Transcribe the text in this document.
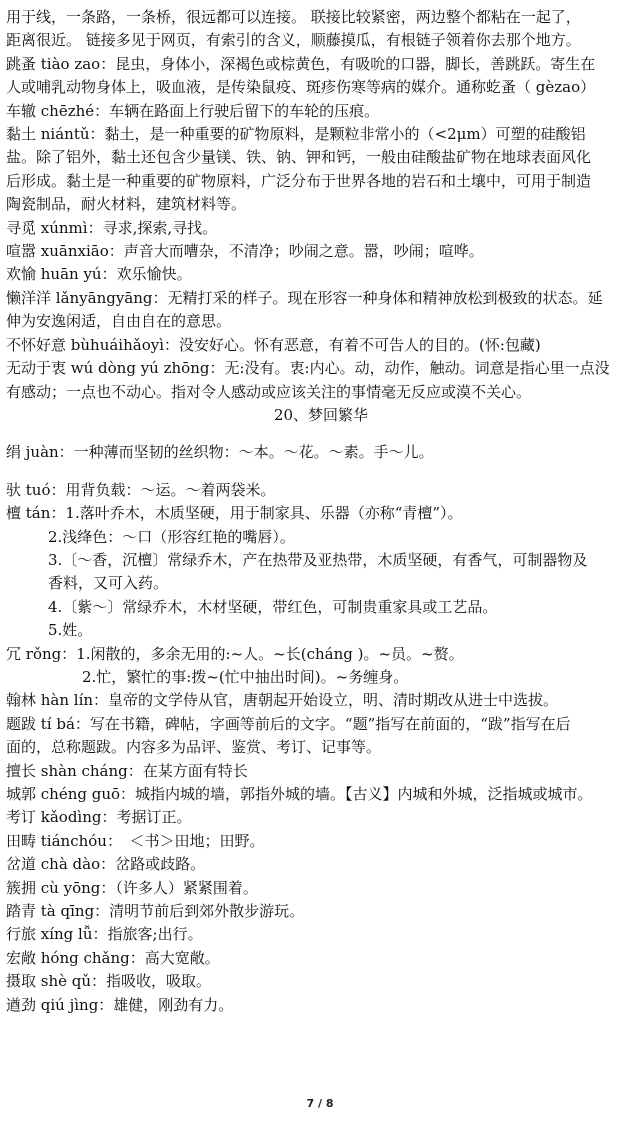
用于线，一条路，一条桥，很远都可以连接。 联接比较紧密，两边整个都粘在一起了，
距离很近。 链接多见于网页，有索引的含义，顺藤摸瓜，有根链子领着你去那个地方。
跳蚤 tiào zao：昆虫，身体小，深褐色或棕黄色，有吸吮的口器，脚长，善跳跃。寄生在
人或哺乳动物身体上，吸血液，是传染鼠疫、斑疹伤寒等病的媒介。通称虼蚤（ gèzao）
车辙 chēzhé：车辆在路面上行驶后留下的车轮的压痕。
黏土 niántǔ：黏土，是一种重要的矿物原料，是颗粒非常小的（<2μm）可塑的硅酸铝
盐。除了铝外，黏土还包含少量镁、铁、钠、钾和钙，一般由硅酸盐矿物在地球表面风化
后形成。黏土是一种重要的矿物原料，广泛分布于世界各地的岩石和土壤中，可用于制造
陶瓷制品，耐火材料，建筑材料等。
寻觅 xúnmì：寻求,探索,寻找。
喧嚣 xuānxiāo：声音大而嘈杂，不清净；吵闹之意。嚣，吵闹；喧哗。
欢愉 huān yú：欢乐愉快。
懒洋洋 lǎnyāngyāng：无精打采的样子。现在形容一种身体和精神放松到极致的状态。延
伸为安逸闲适，自由自在的意思。
不怀好意 bùhuáihǎoyì：没安好心。怀有恶意，有着不可告人的目的。(怀:包藏)
无动于衷 wú dòng yú zhōng：无:没有。衷:内心。动，动作，触动。词意是指心里一点没
有感动；一点也不动心。指对令人感动或应该关注的事情毫无反应或漠不关心。
20、梦回繁华
绢 juàn：一种薄而坚韧的丝织物：～本。～花。～素。手～儿。
驮 tuó：用背负载：～运。～着两袋米。
檀 tán：1.落叶乔木，木质坚硬，用于制家具、乐器（亦称“青檀”）。
2.浅绛色：～口（形容红艳的嘴唇）。
3.〔～香，沉檀〕常绿乔木，产在热带及亚热带，木质坚硬，有香气，可制器物及
香料，又可入药。
4.〔紫～〕常绿乔木，木材坚硬，带红色，可制贵重家具或工艺品。
5.姓。
冗 rǒng：1.闲散的，多余无用的:~人。~长(cháng )。~员。~赘。
2.忙，繁忙的事:拨~(忙中抽出时间)。~务缠身。
翰林 hàn lín：皇帝的文学侍从官，唐朝起开始设立，明、清时期改从进士中选拔。
题跋 tí bá：写在书籍，碑帖，字画等前后的文字。“题”指写在前面的，“跋”指写在后
面的，总称题跋。内容多为品评、鉴赏、考订、记事等。
擅长 shàn cháng：在某方面有特长
城郭 chéng guō：城指内城的墙，郭指外城的墙。【古义】内城和外城，泛指城或城市。
考订 kǎodìng：考据订正。
田畴 tiánchóu：　＜书＞田地；田野。
岔道 chà dào：岔路或歧路。
簇拥 cù yōng：（许多人）紧紧围着。
踏青 tà qīng：清明节前后到郊外散步游玩。
行旅 xíng lǚ：指旅客;出行。
宏敞 hóng chǎng：高大宽敞。
摄取 shè qǔ：指吸收，吸取。
遒劲 qiú jìng：雄健，刚劲有力。
7 / 8
